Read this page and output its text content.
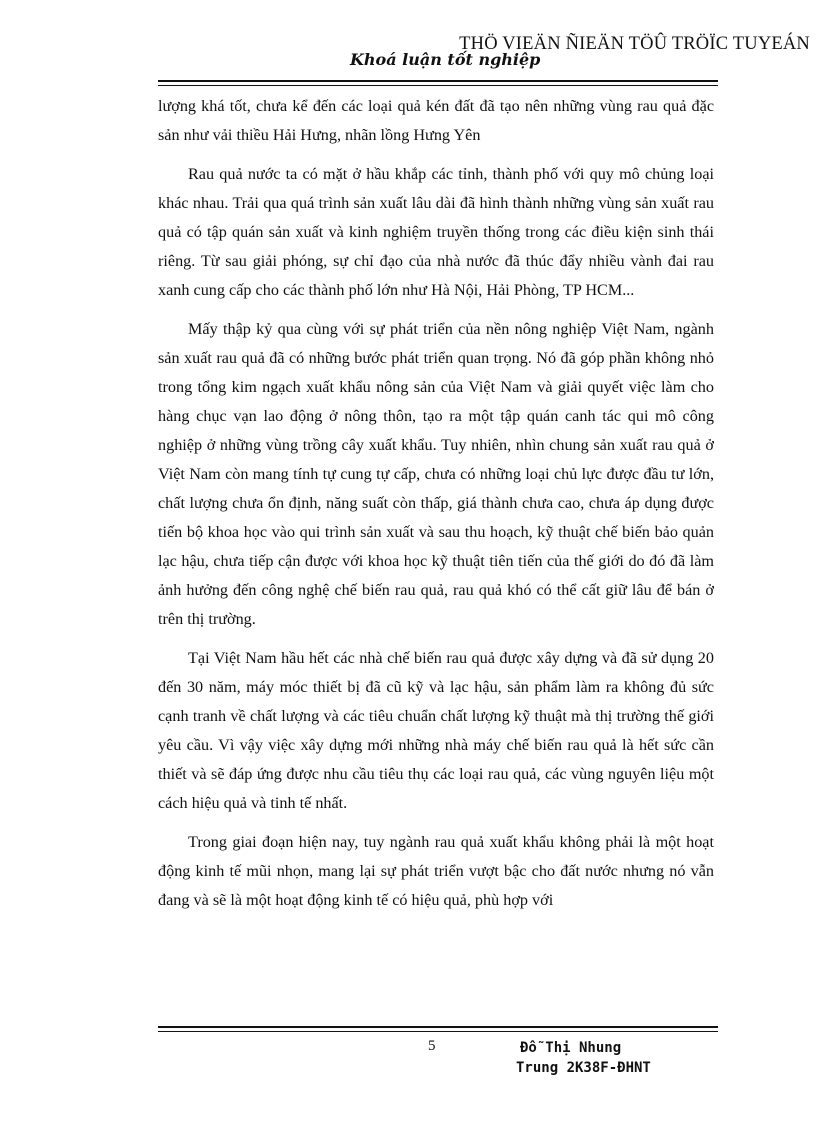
THÖ VIEÄN ÑIEÄN TÖÛ TRÖÏC TUYEÁN
Khoá luận tốt nghiệp

lượng khá tốt, chưa kể đến các loại quả kén đất đã tạo nên những vùng rau quả đặc sản như vải thiều Hải Hưng, nhãn lồng Hưng Yên

Rau quả nước ta có mặt ở hầu khắp các tỉnh, thành phố với quy mô chủng loại khác nhau. Trải qua quá trình sản xuất lâu dài đã hình thành những vùng sản xuất rau quả có tập quán sản xuất và kinh nghiệm truyền thống trong các điều kiện sinh thái riêng. Từ sau giải phóng, sự chỉ đạo của nhà nước đã thúc đẩy nhiều vành đai rau xanh cung cấp cho các thành phố lớn như Hà Nội, Hải Phòng, TP HCM...

Mấy thập kỷ qua cùng với sự phát triển của nền nông nghiệp Việt Nam, ngành sản xuất rau quả đã có những bước phát triển quan trọng. Nó đã góp phần không nhỏ trong tổng kim ngạch xuất khẩu nông sản của Việt Nam và giải quyết việc làm cho hàng chục vạn lao động ở nông thôn, tạo ra một tập quán canh tác qui mô công nghiệp ở những vùng trồng cây xuất khẩu. Tuy nhiên, nhìn chung sản xuất rau quả ở Việt Nam còn mang tính tự cung tự cấp, chưa có những loại chủ lực được đầu tư lớn, chất lượng chưa ổn định, năng suất còn thấp, giá thành chưa cao, chưa áp dụng được tiến bộ khoa học vào qui trình sản xuất và sau thu hoạch, kỹ thuật chế biến bảo quản lạc hậu, chưa tiếp cận được với khoa học kỹ thuật tiên tiến của thế giới do đó đã làm ảnh hưởng đến công nghệ chế biến rau quả, rau quả khó có thể cất giữ lâu để bán ở trên thị trường.

Tại Việt Nam hầu hết các nhà chế biến rau quả được xây dựng và đã sử dụng 20 đến 30 năm, máy móc thiết bị đã cũ kỹ và lạc hậu, sản phẩm làm ra không đủ sức cạnh tranh về chất lượng và các tiêu chuẩn chất lượng kỹ thuật mà thị trường thế giới yêu cầu. Vì vậy việc xây dựng mới những nhà máy chế biến rau quả là hết sức cần thiết và sẽ đáp ứng được nhu cầu tiêu thụ các loại rau quả, các vùng nguyên liệu một cách hiệu quả và tinh tế nhất.

Trong giai đoạn hiện nay, tuy ngành rau quả xuất khẩu không phải là một hoạt động kinh tế mũi nhọn, mang lại sự phát triển vượt bậc cho đất nước nhưng nó vẫn đang và sẽ là một hoạt động kinh tế có hiệu quả, phù hợp với

5	Đỗ Thị Nhung
Trung 2K38F-ĐHNT
